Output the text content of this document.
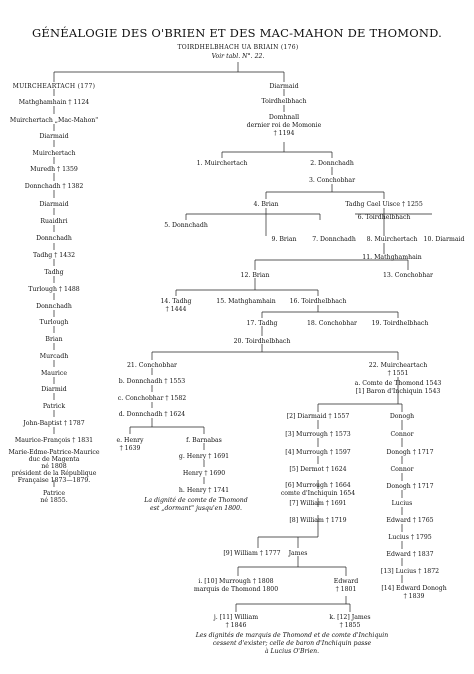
GÉNÉALOGIE DES O'BRIEN ET DES MAC-MAHON DE THOMOND.
TOIRDHELBHACH UA BRIAIN (176)
Voir tabl. N°. 22.
MUIRCHEARTACH (177)
Mathghamhain † 1124
Muirchertach „Mac-Mahon"
Diarmaid
Muirchertach
Muredh † 1359
Donnchadh † 1382
Diarmaid
Ruaidhri
Donnchadh
Tadhg † 1432
Tadhg
Turlough † 1488
Donnchadh
Turlough
Brian
Murcadh
Maurice
Diarmid
Patrick
John-Baptist † 1787
Maurice-François † 1831
Marie-Edme-Patrice-Maurice
duc de Magenta
né 1808
président de la République
Française 1873—1879.
Patrice
né 1855.
Diarmaid
Toirdhelbhach
Domhnall
dernier roi de Momonie
† 1194
1. Muirchertach	2. Donnchadh
3. Conchobhar
4. Brian	Tadhg Cael Uisce † 1255
6. Toirdhelbhach
5. Donnchadh
9. Brian	7. Donnchadh 8. Muirchertach 10. Diarmaid
11. Mathghamhain
12. Brian	13. Conchobhar
14. Tadhg
† 1444
15. Mathghamhain 16. Toirdhelbhach
17. Tadhg	18. Conchobhar 19. Toirdhelbhach
20. Toirdhelbhach
21. Conchobhar
b. Donnchadh † 1553
c. Conchobhar † 1582
d. Donnchadh † 1624
e. Henry
† 1639
f. Barnabas
g. Henry † 1691
Henry † 1690
h. Henry † 1741
La dignité de comte de Thomond
est „dormant" jusqu'en 1800.
22. Muircheartach
† 1551
a. Comte de Thomond 1543
[1] Baron d'Inchiquin 1543
[2] Diarmaid † 1557
[3] Murrough † 1573
[4] Murrough † 1597
[5] Dermot † 1624
[6] Murrough † 1664
comte d'Inchiquin 1654
[7] William † 1691
[8] William † 1719
Donogh
Connor
Donogh † 1717
Connor
Donogh † 1717
Lucius
Edward † 1765
Lucius † 1795
Edward † 1837
[13] Lucius † 1872
[14] Edward Donogh
† 1839
[9] William † 1777 James
i. [10] Murrough † 1808
marquis de Thomond 1800
Edward
† 1801
j. [11] William
† 1846
k. [12] James
† 1855
Les dignités de marquis de Thomond et de comte d'Inchiquin
cessent d'exister; celle de baron d'Inchiquin passe
à Lucius O'Brien.
